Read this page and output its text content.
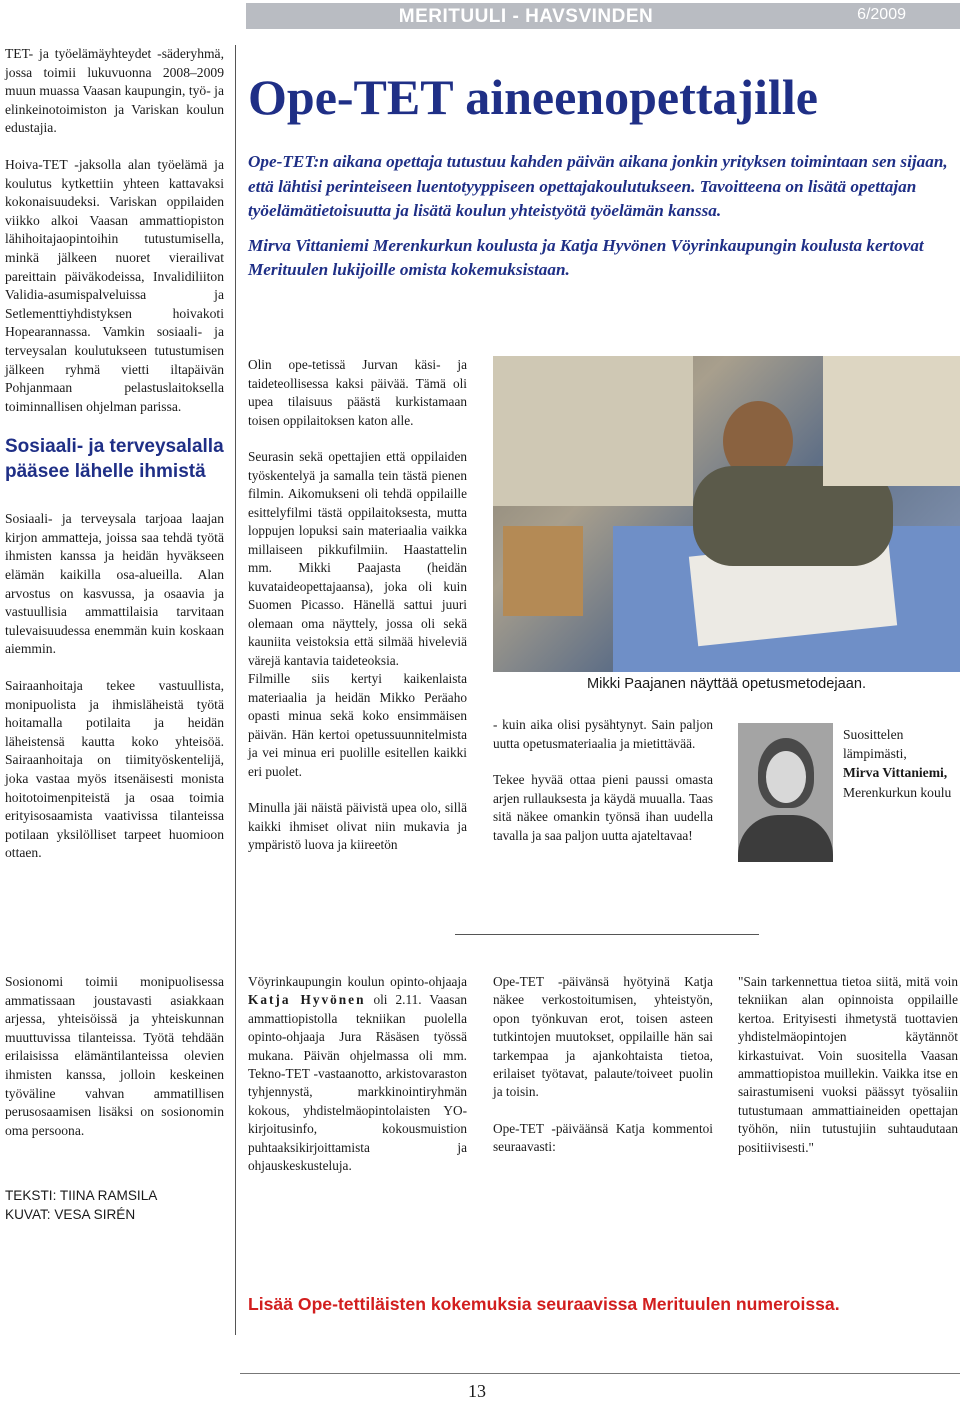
MERITUULI - HAVSVINDEN	6/2009

TET- ja työelämäyhteydet -säderyhmä, jossa toimii lukuvuonna 2008–2009 muun muassa Vaasan kaupungin, työ- ja elinkeinotoimiston ja Variskan koulun edustajia.

Hoiva-TET -jaksolla alan työelämä ja koulutus kytkettiin yhteen kattavaksi kokonaisuudeksi. Variskan oppilaiden viikko alkoi Vaasan ammattiopiston lähihoitajaopintoihin tutustumisella, minkä jälkeen nuoret vierailivat pareittain päiväkodeissa, Invalidiliiton Validia-asumispalveluissa ja Setlementtiyhdistyksen hoivakoti Hopearannassa. Vamkin sosiaali- ja terveysalan koulutukseen tutustumisen jälkeen ryhmä vietti iltapäivän Pohjanmaan pelastuslaitoksella toiminnallisen ohjelman parissa.

Sosiaali- ja terveysalalla pääsee lähelle ihmistä

Sosiaali- ja terveysala tarjoaa laajan kirjon ammatteja, joissa saa tehdä työtä ihmisten kanssa ja heidän hyväkseen elämän kaikilla osa-alueilla. Alan arvostus on kasvussa, ja osaavia ja vastuullisia ammattilaisia tarvitaan tulevaisuudessa enemmän kuin koskaan aiemmin.

Sairaanhoitaja tekee vastuullista, monipuolista ja ihmisläheistä työtä hoitamalla potilaita ja heidän läheistensä kautta koko yhteisöä. Sairaanhoitaja on tiimityöskentelijä, joka vastaa myös itsenäisesti monista hoitotoimenpiteistä ja osaa toimia erityisosaamista vaativissa tilanteissa potilaan yksilölliset tarpeet huomioon ottaen.

Sosionomi toimii monipuolisessa ammatissaan joustavasti asiakkaan arjessa, yhteisöissä ja yhteiskunnan muuttuvissa tilanteissa. Työtä tehdään erilaisissa elämäntilanteissa olevien ihmisten kanssa, jolloin keskeinen työväline vahvan ammatillisen perusosaamisen lisäksi on sosionomin oma persoona.

TEKSTI: TIINA RAMSILA
KUVAT: VESA SIRÉN
Ope-TET aineenopettajille

Ope-TET:n aikana opettaja tutustuu kahden päivän aikana jonkin yrityksen toimintaan sen sijaan, että lähtisi perinteiseen luentotyyppiseen opettajakoulutukseen. Tavoitteena on lisätä opettajan työelämätietoisuutta ja lisätä koulun yhteistyötä työelämän kanssa.

Mirva Vittaniemi Merenkurkun koulusta ja Katja Hyvönen Vöyrinkaupungin koulusta kertovat Merituulen lukijoille omista kokemuksistaan.

Olin ope-tetissä Jurvan käsi- ja taideteollisessa kaksi päivää. Tämä oli upea tilaisuus päästä kurkistamaan toisen oppilaitoksen katon alle.

Seurasin sekä opettajien että oppilaiden työskentelyä ja samalla tein tästä pienen filmin. Aikomukseni oli tehdä oppilaille esittelyfilmi tästä oppilaitoksesta, mutta loppujen lopuksi sain materiaalia vaikka millaiseen pikkufilmiin. Haastattelin mm. Mikki Paajasta (heidän kuvataideopettajaansa), joka oli kuin Suomen Picasso. Hänellä sattui juuri olemaan oma näyttely, jossa oli sekä kauniita veistoksia että silmää hiveleviä värejä kantavia taideteoksia.

Filmille siis kertyi kaikenlaista materiaalia ja heidän Mikko Peräaho opasti minua sekä koko ensimmäisen päivän. Hän kertoi opetussuunnitelmista ja vei minua eri puolille esitellen kaikki eri puolet.

Minulla jäi näistä päivistä upea olo, sillä kaikki ihmiset olivat niin mukavia ja ympäristö luova ja kiireetön

Mikki Paajanen näyttää opetusmetodejaan.

- kuin aika olisi pysähtynyt. Sain paljon uutta opetusmateriaalia ja mietittävää.

Tekee hyvää ottaa pieni paussi omasta arjen rullauksesta ja käydä muualla. Taas sitä näkee omankin työnsä ihan uudella tavalla ja saa paljon uutta ajateltavaa!

Suosittelen lämpimästi,
Mirva Vittaniemi,
Merenkurkun koulu

Vöyrinkaupungin koulun opinto-ohjaaja Katja Hyvönen oli 2.11. Vaasan ammattiopistolla tekniikan puolella opinto-ohjaaja Jura Räsäsen työssä mukana. Päivän ohjelmassa oli mm. Tekno-TET -vastaanotto, arkistovaraston tyhjennystä, markkinointiryhmän kokous, yhdistelmäopintolaisten YO-kirjoitusinfo, kokousmuistion puhtaaksikirjoittamista ja ohjauskeskusteluja.

Ope-TET -päivänsä hyötyinä Katja näkee verkostoitumisen, yhteistyön, opon työnkuvan erot, toisen asteen tutkintojen muutokset, oppilaille hän sai tarkempaa ja ajankohtaista tietoa, erilaiset työtavat, palaute/toiveet puolin ja toisin.

Ope-TET -päiväänsä Katja kommentoi seuraavasti:

"Sain tarkennettua tietoa siitä, mitä voin tekniikan alan opinnoista oppilaille kertoa. Erityisesti ihmetystä tuottavien yhdistelmäopintojen käytännöt kirkastuivat. Voin suositella Vaasan ammattiopistoa muillekin. Vaikka itse en sairastumiseni vuoksi päässyt työsaliin tutustumaan ammattiaineiden opettajan työhön, niin tutustujiin suhtaudutaan positiivisesti."

Lisää Ope-tettiläisten kokemuksia seuraavissa Merituulen numeroissa.
13
